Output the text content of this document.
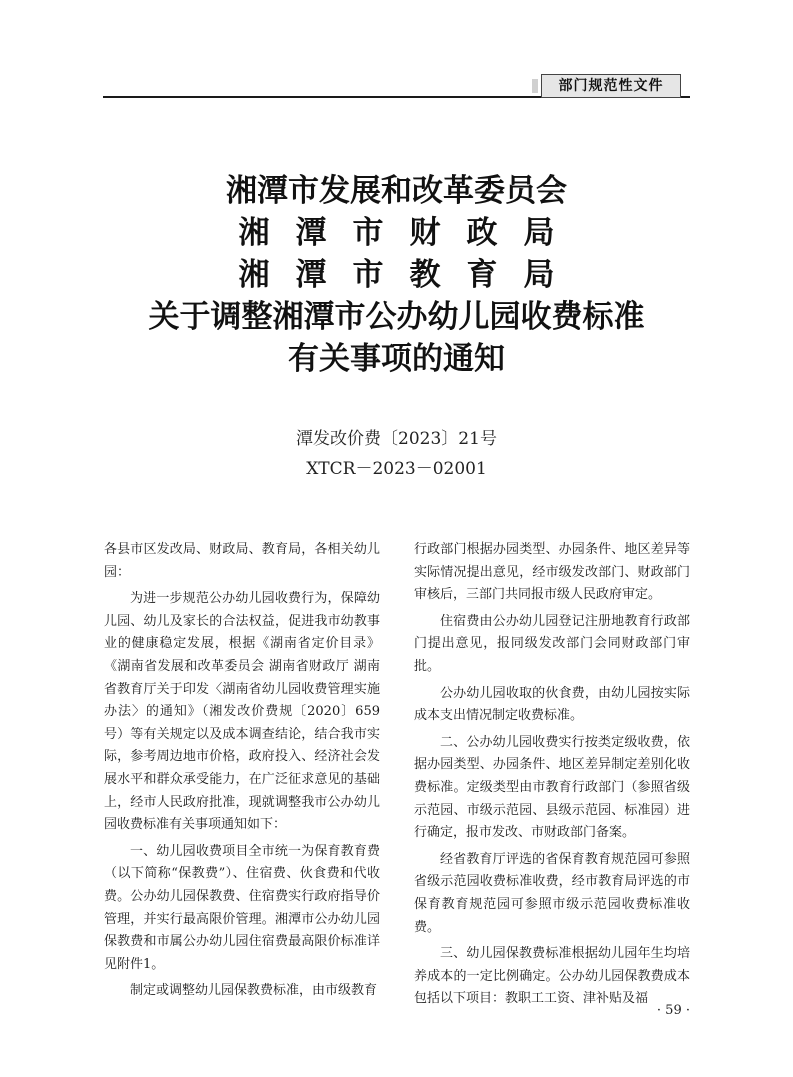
部门规范性文件
湘潭市发展和改革委员会
湘潭市财政局
湘潭市教育局
关于调整湘潭市公办幼儿园收费标准
有关事项的通知
潭发改价费〔2023〕21号
XTCR－2023－02001

各县市区发改局、财政局、教育局，各相关幼儿园：

为进一步规范公办幼儿园收费行为，保障幼儿园、幼儿及家长的合法权益，促进我市幼教事业的健康稳定发展，根据《湖南省定价目录》《湖南省发展和改革委员会 湖南省财政厅 湖南省教育厅关于印发〈湖南省幼儿园收费管理实施办法〉的通知》（湘发改价费规〔2020〕659号）等有关规定以及成本调查结论，结合我市实际，参考周边地市价格，政府投入、经济社会发展水平和群众承受能力，在广泛征求意见的基础上，经市人民政府批准，现就调整我市公办幼儿园收费标准有关事项通知如下：

一、幼儿园收费项目全市统一为保育教育费（以下简称“保教费”）、住宿费、伙食费和代收费。公办幼儿园保教费、住宿费实行政府指导价管理，并实行最高限价管理。湘潭市公办幼儿园保教费和市属公办幼儿园住宿费最高限价标准详见附件1。

制定或调整幼儿园保教费标准，由市级教育

行政部门根据办园类型、办园条件、地区差异等实际情况提出意见，经市级发改部门、财政部门审核后，三部门共同报市级人民政府审定。

住宿费由公办幼儿园登记注册地教育行政部门提出意见，报同级发改部门会同财政部门审批。

公办幼儿园收取的伙食费，由幼儿园按实际成本支出情况制定收费标准。

二、公办幼儿园收费实行按类定级收费，依据办园类型、办园条件、地区差异制定差别化收费标准。定级类型由市教育行政部门（参照省级示范园、市级示范园、县级示范园、标准园）进行确定，报市发改、市财政部门备案。

经省教育厅评选的省保育教育规范园可参照省级示范园收费标准收费，经市教育局评选的市保育教育规范园可参照市级示范园收费标准收费。

三、幼儿园保教费标准根据幼儿园年生均培养成本的一定比例确定。公办幼儿园保教费成本包括以下项目：教职工工资、津补贴及福

· 59 ·
